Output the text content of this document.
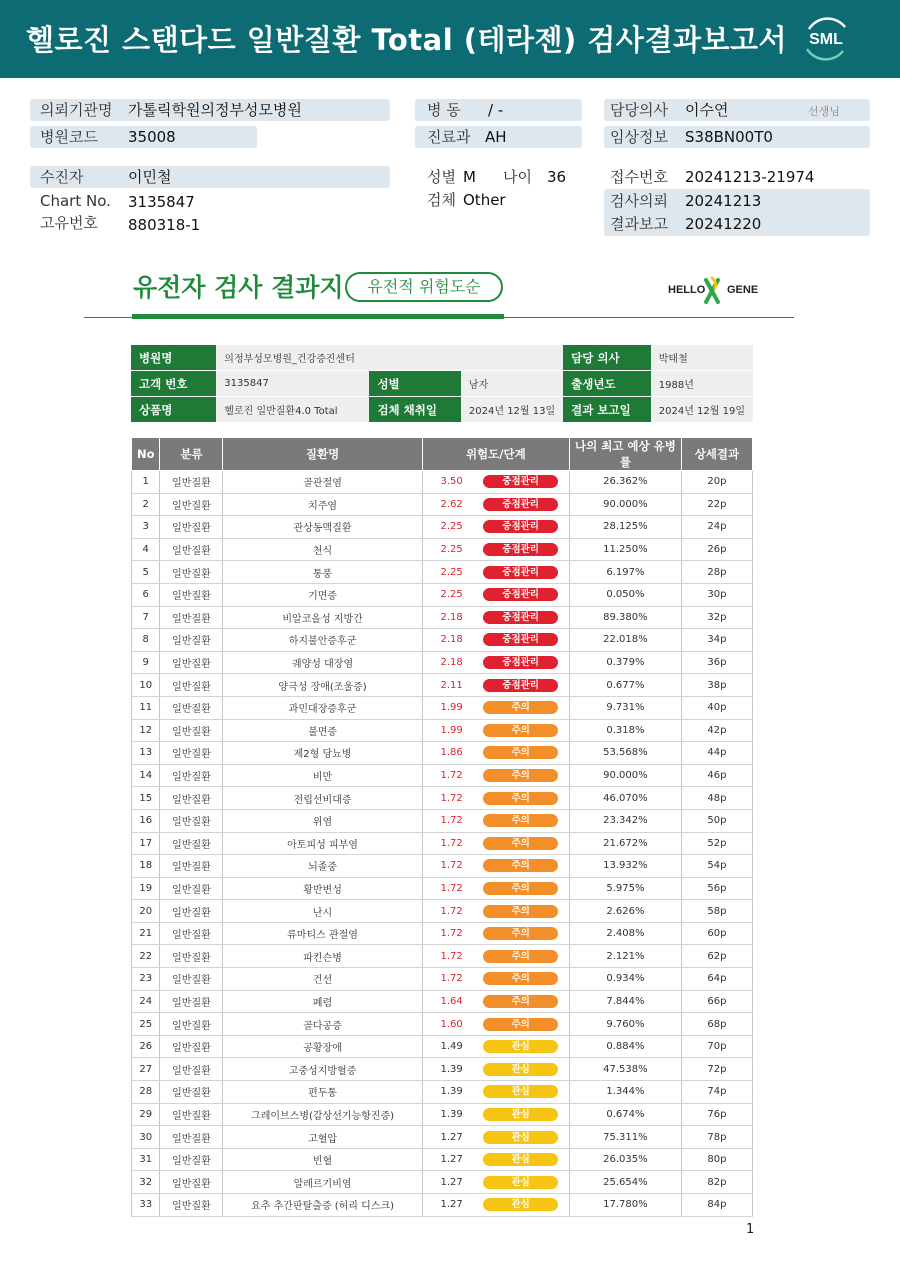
헬로진 스탠다드 일반질환 Total (테라젠) 검사결과보고서 SML
의뢰기관명 가톨릭학원의정부성모병원
병원코드 35008
병 동 / -
진료과 AH
담당의사 이수연	선생님
임상정보 S38BN00T0
수진자	이민철
Chart No. 3135847
고유번호 880318-1
성별 M 나이 36
검체 Other
접수번호 20241213-21974
검사의뢰 20241213
결과보고 20241220
유전자 검사 결과지	유전적 위험도순	HELLO GENE
병원명	의정부성모병원_건강증진센터			담당 의사	박태철
고객 번호	3135847	성별	남자	출생년도	1988년
상품명	헬로진 일반질환4.0 Total	검체 채취일	2024년 12월 13일	결과 보고일	2024년 12월 19일
No	분류	질환명	위험도/단계		나의 최고 예상 유병률	상세결과
1	일반질환	골관절염	3.50	중점관리	26.362%	20p
2	일반질환	치주염	2.62	중점관리	90.000%	22p
3	일반질환	관상동맥질환	2.25	중점관리	28.125%	24p
4	일반질환	천식	2.25	중점관리	11.250%	26p
5	일반질환	통풍	2.25	중점관리	6.197%	28p
6	일반질환	기면증	2.25	중점관리	0.050%	30p
7	일반질환	비알코올성 지방간	2.18	중점관리	89.380%	32p
8	일반질환	하지불안증후군	2.18	중점관리	22.018%	34p
9	일반질환	궤양성 대장염	2.18	중점관리	0.379%	36p
10	일반질환	양극성 장애(조울증)	2.11	중점관리	0.677%	38p
11	일반질환	과민대장증후군	1.99	주의	9.731%	40p
12	일반질환	불면증	1.99	주의	0.318%	42p
13	일반질환	제2형 당뇨병	1.86	주의	53.568%	44p
14	일반질환	비만	1.72	주의	90.000%	46p
15	일반질환	전립선비대증	1.72	주의	46.070%	48p
16	일반질환	위염	1.72	주의	23.342%	50p
17	일반질환	아토피성 피부염	1.72	주의	21.672%	52p
18	일반질환	뇌졸중	1.72	주의	13.932%	54p
19	일반질환	황반변성	1.72	주의	5.975%	56p
20	일반질환	난시	1.72	주의	2.626%	58p
21	일반질환	류마티스 관절염	1.72	주의	2.408%	60p
22	일반질환	파킨슨병	1.72	주의	2.121%	62p
23	일반질환	건선	1.72	주의	0.934%	64p
24	일반질환	폐렴	1.64	주의	7.844%	66p
25	일반질환	골다공증	1.60	주의	9.760%	68p
26	일반질환	공황장애	1.49	관심	0.884%	70p
27	일반질환	고중성지방혈증	1.39	관심	47.538%	72p
28	일반질환	편두통	1.39	관심	1.344%	74p
29	일반질환	그레이브스병(갑상선기능항진증)	1.39	관심	0.674%	76p
30	일반질환	고혈압	1.27	관심	75.311%	78p
31	일반질환	빈혈	1.27	관심	26.035%	80p
32	일반질환	알레르기비염	1.27	관심	25.654%	82p
33	일반질환	요추 추간판탈출증 (허리 디스크)	1.27	관심	17.780%	84p
1
